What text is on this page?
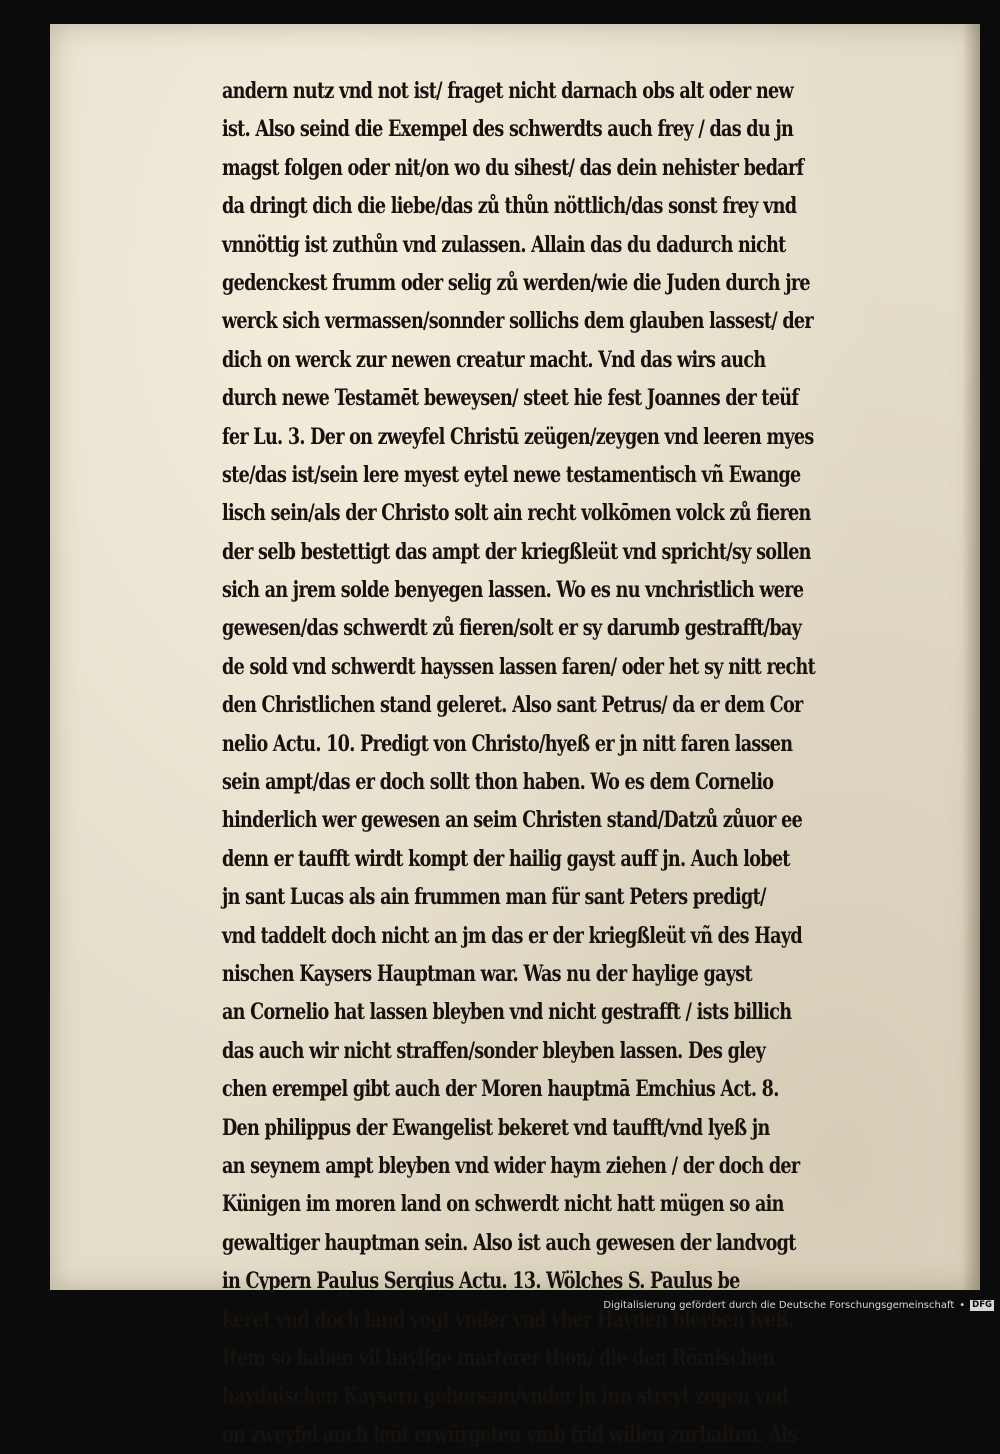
andern nutz vnd not ist/ fraget nicht darnach obs alt oder new
ist. Also seind die Exempel des schwerdts auch frey / das du jn
magst folgen oder nit/on wo du sihest/ das dein nehister bedarf
da dringt dich die liebe/das zů thůn nöttlich/das sonst frey vnd
vnnöttig ist zuthůn vnd zulassen. Allain das du dadurch nicht
gedenckest frumm oder selig zů werden/wie die Juden durch jre
werck sich vermassen/sonnder sollichs dem glauben lassest/ der
dich on werck zur newen creatur macht. Vnd das wirs auch
durch newe Testamēt beweysen/ steet hie fest Joannes der teüf
fer Lu. 3. Der on zweyfel Christū zeügen/zeygen vnd leeren myes
ste/das ist/sein lere myest eytel newe testamentisch vñ Ewange
lisch sein/als der Christo solt ain recht volkōmen volck zů fieren
der selb bestettigt das ampt der kriegßleüt vnd spricht/sy sollen
sich an jrem solde benyegen lassen. Wo es nu vnchristlich were
gewesen/das schwerdt zů fieren/solt er sy darumb gestrafft/bay
de sold vnd schwerdt hayssen lassen faren/ oder het sy nitt recht
den Christlichen stand geleret. Also sant Petrus/ da er dem Cor
nelio Actu. 10. Predigt von Christo/hyeß er jn nitt faren lassen
sein ampt/das er doch sollt thon haben. Wo es dem Cornelio
hinderlich wer gewesen an seim Christen stand/Datzů zůuor ee
denn er taufft wirdt kompt der hailig gayst auff jn. Auch lobet
jn sant Lucas als ain frummen man für sant Peters predigt/
vnd taddelt doch nicht an jm das er der kriegßleüt vñ des Hayd
nischen Kaysers Hauptman war. Was nu der haylige gayst
an Cornelio hat lassen bleyben vnd nicht gestrafft / ists billich
das auch wir nicht straffen/sonder bleyben lassen. Des gley
chen erempel gibt auch der Moren hauptmā Emchius Act. 8.
Den philippus der Ewangelist bekeret vnd taufft/vnd lyeß jn
an seynem ampt bleyben vnd wider haym ziehen / der doch der
Künigen im moren land on schwerdt nicht hatt mügen so ain
gewaltiger hauptman sein. Also ist auch gewesen der landvogt
in Cypern Paulus Sergius Actu. 13. Wölches S. Paulus be
keret vnd doch land vogt vnder vnd vber Hayden bleyben lyeß.
Item so haben vil haylige marterer thon/ die den Römischen
haydnischen Kaysern gehorsam/vnder jn inn streyt zogen vnd
on zweyfel auch leüt erwürgeten vmb frid willen zurhalten. Als
Digitalisierung gefördert durch die Deutsche Forschungsgemeinschaft • DFG
